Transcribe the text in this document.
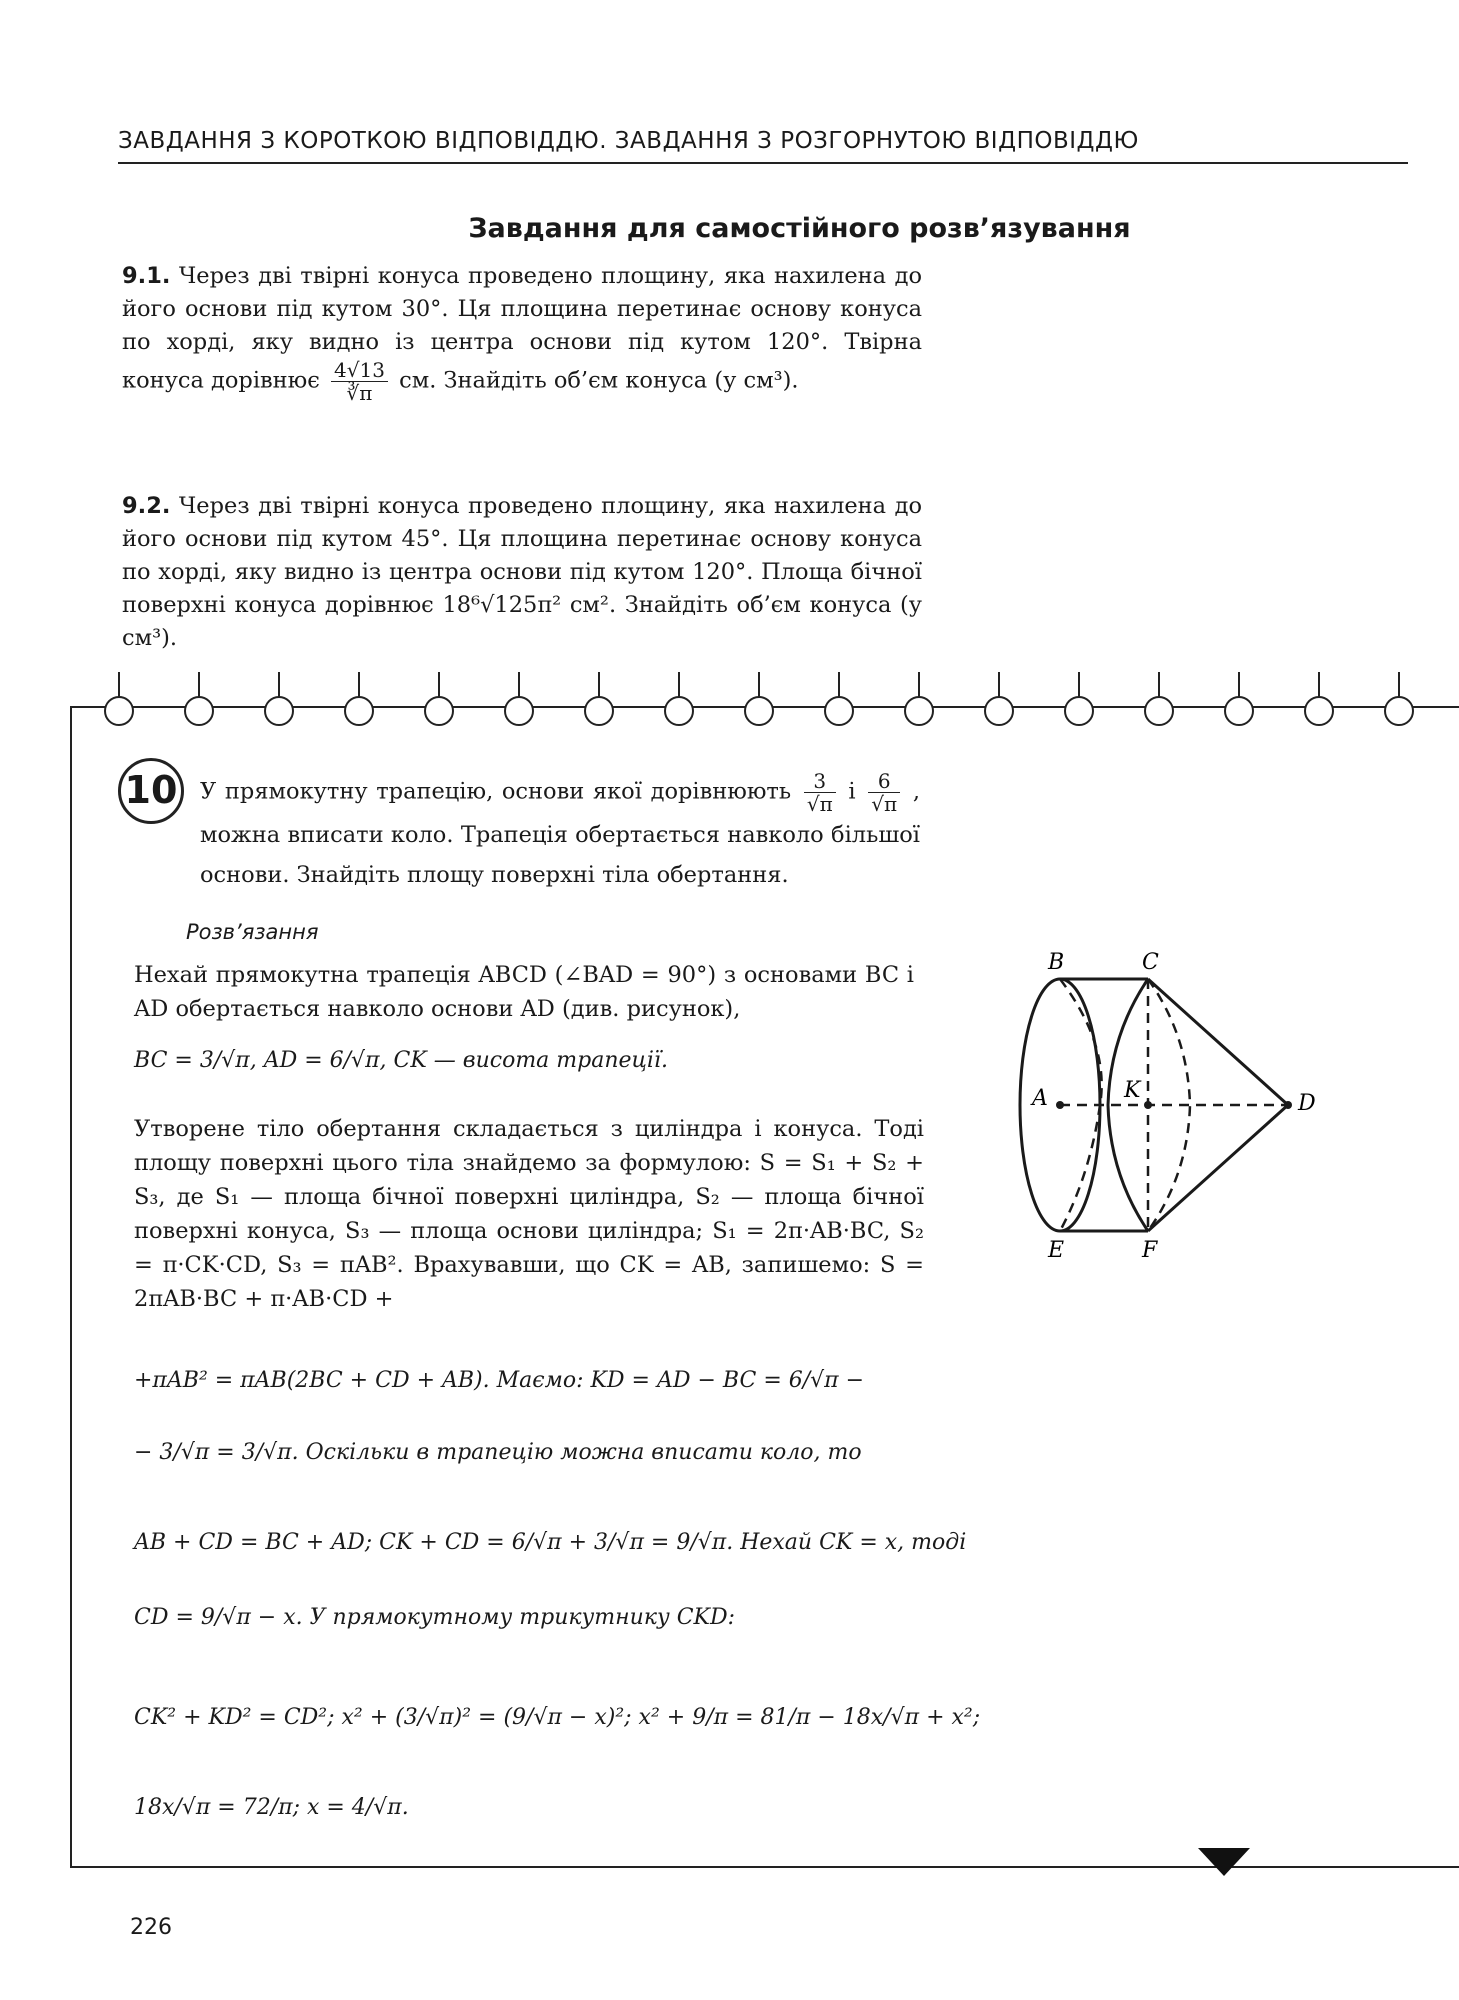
ЗАВДАННЯ З КОРОТКОЮ ВІДПОВІДДЮ. ЗАВДАННЯ З РОЗГОРНУТОЮ ВІДПОВІДДЮ
Завдання для самостійного розв’язування
9.1. Через дві твірні конуса проведено площину, яка нахилена до його основи під кутом 30°. Ця площина перетинає основу конуса по хорді, яку видно із центра основи під кутом 120°. Твірна конуса дорівнює $\frac{4√13}{∛\pi}$ см. Знайдіть об’єм конуса (у см³).
9.2. Через дві твірні конуса проведено площину, яка нахилена до його основи під кутом 45°. Ця площина перетинає основу конуса по хорді, яку видно із центра основи під кутом 120°. Площа бічної поверхні конуса дорівнює 18⁶√125π² см². Знайдіть об’єм конуса (у см³).
10 У прямокутну трапецію, основи якої дорівнюють $\frac{3}{√\pi}$ і $\frac{6}{√\pi}$ , можна вписати коло. Трапеція обертається навколо більшої основи. Знайдіть площу поверхні тіла обертання.
Розв’язання
Нехай прямокутна трапеція ABCD (∠BAD = 90°) з основами BC і AD обертається навколо основи AD (див. рисунок),
BC = 3/√π, AD = 6/√π, CK — висота трапеції.
Утворене тіло обертання складається з циліндра і конуса. Тоді площу поверхні цього тіла знайдемо за формулою: S = S₁ + S₂ + S₃, де S₁ — площа бічної поверхні циліндра, S₂ — площа бічної поверхні конуса, S₃ — площа основи циліндра; S₁ = 2π·AB·BC, S₂ = π·CK·CD, S₃ = πAB². Врахувавши, що CK = AB, запишемо: S = 2πAB·BC + π·AB·CD +
+πAB² = πAB(2BC + CD + AB). Маємо: KD = AD − BC = 6/√π −
− 3/√π = 3/√π. Оскільки в трапецію можна вписати коло, то
AB + CD = BC + AD; CK + CD = 6/√π + 3/√π = 9/√π. Нехай CK = x, тоді
CD = 9/√π − x. У прямокутному трикутнику CKD:
CK² + KD² = CD²; x² + (3/√π)² = (9/√π − x)²; x² + 9/π = 81/π − 18x/√π + x²;
18x/√π = 72/π; x = 4/√π.
B	C
A	K
D
E	F
226
